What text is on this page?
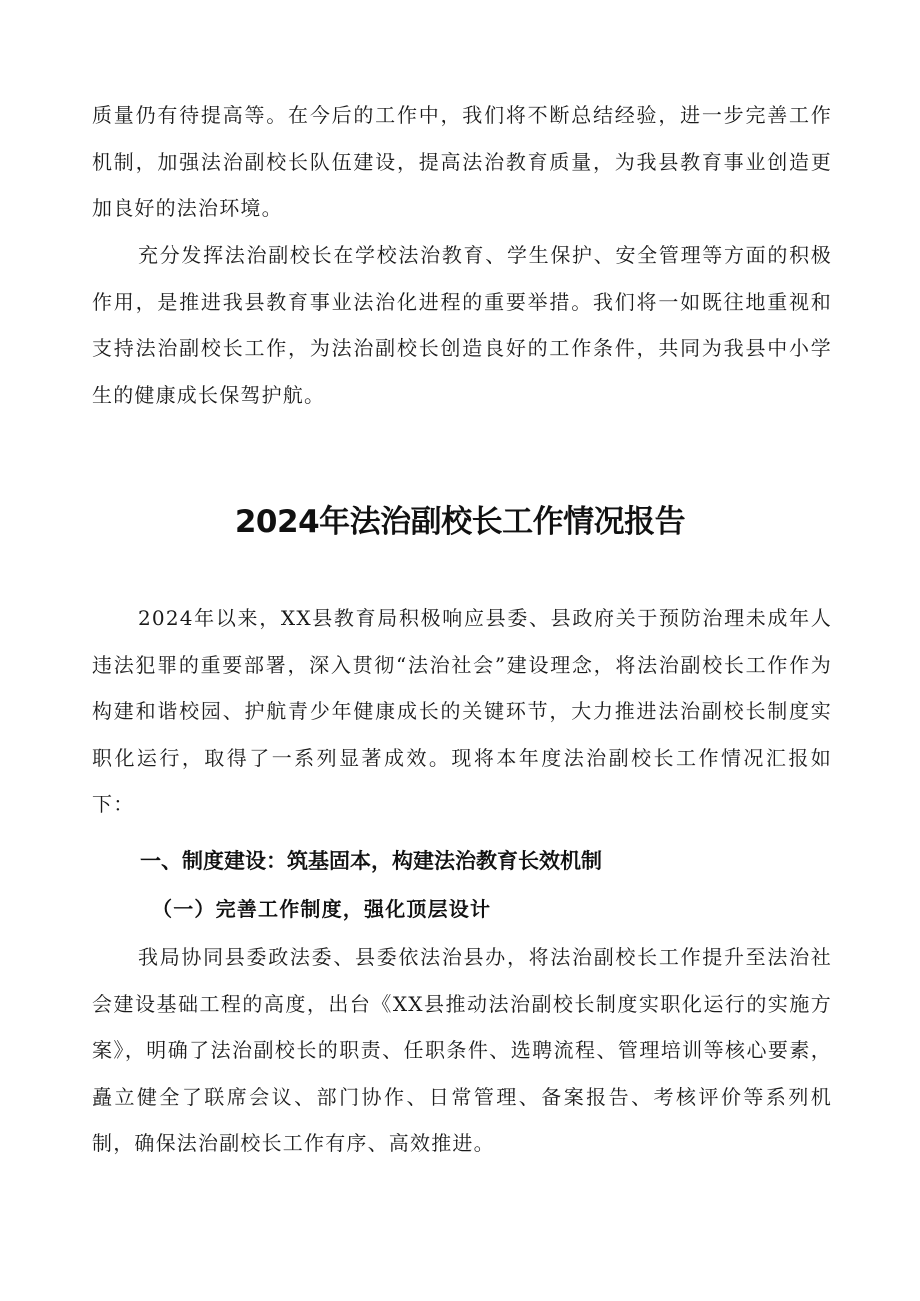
质量仍有待提高等。在今后的工作中，我们将不断总结经验，进一步完善工作机制，加强法治副校长队伍建设，提高法治教育质量，为我县教育事业创造更加良好的法治环境。

充分发挥法治副校长在学校法治教育、学生保护、安全管理等方面的积极作用，是推进我县教育事业法治化进程的重要举措。我们将一如既往地重视和支持法治副校长工作，为法治副校长创造良好的工作条件，共同为我县中小学生的健康成长保驾护航。

2024年法治副校长工作情况报告

2024年以来，XX县教育局积极响应县委、县政府关于预防治理未成年人违法犯罪的重要部署，深入贯彻“法治社会”建设理念，将法治副校长工作作为构建和谐校园、护航青少年健康成长的关键环节，大力推进法治副校长制度实职化运行，取得了一系列显著成效。现将本年度法治副校长工作情况汇报如下：

一、制度建设：筑基固本，构建法治教育长效机制
（一）完善工作制度，强化顶层设计

我局协同县委政法委、县委依法治县办，将法治副校长工作提升至法治社会建设基础工程的高度，出台《XX县推动法治副校长制度实职化运行的实施方案》，明确了法治副校长的职责、任职条件、选聘流程、管理培训等核心要素，矗立健全了联席会议、部门协作、日常管理、备案报告、考核评价等系列机制，确保法治副校长工作有序、高效推进。
